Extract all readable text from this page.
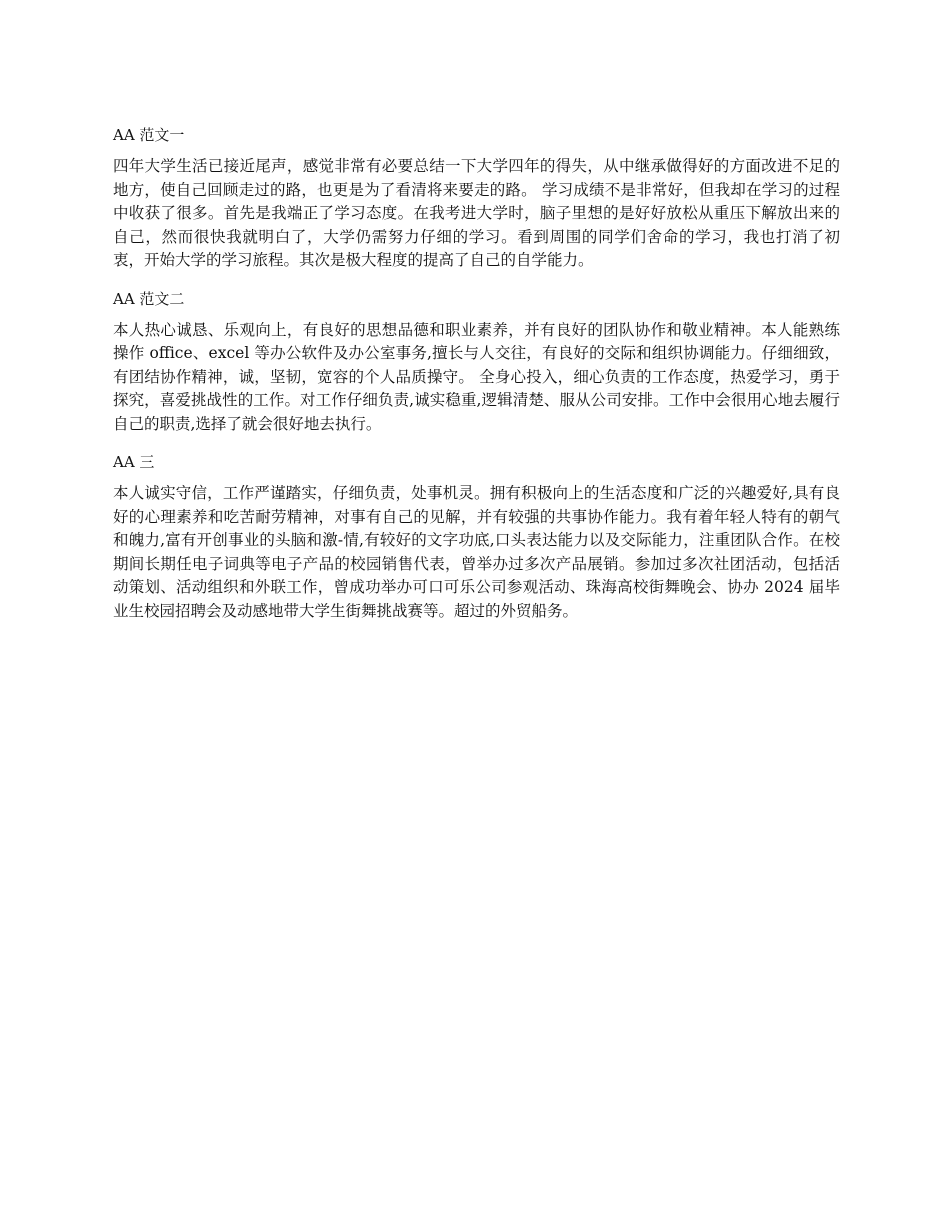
AA 范文一

四年大学生活已接近尾声，感觉非常有必要总结一下大学四年的得失，从中继承做得好的方面改进不足的地方，使自己回顾走过的路，也更是为了看清将来要走的路。 学习成绩不是非常好，但我却在学习的过程中收获了很多。首先是我端正了学习态度。在我考进大学时，脑子里想的是好好放松从重压下解放出来的自己，然而很快我就明白了，大学仍需努力仔细的学习。看到周围的同学们舍命的学习，我也打消了初衷，开始大学的学习旅程。其次是极大程度的提高了自己的自学能力。

AA 范文二

本人热心诚恳、乐观向上，有良好的思想品德和职业素养，并有良好的团队协作和敬业精神。本人能熟练操作 office、excel 等办公软件及办公室事务,擅长与人交往，有良好的交际和组织协调能力。仔细细致，有团结协作精神，诚，坚韧，宽容的个人品质操守。 全身心投入，细心负责的工作态度，热爱学习，勇于探究，喜爱挑战性的工作。对工作仔细负责,诚实稳重,逻辑清楚、服从公司安排。工作中会很用心地去履行自己的职责,选择了就会很好地去执行。

AA 三

本人诚实守信，工作严谨踏实，仔细负责，处事机灵。拥有积极向上的生活态度和广泛的兴趣爱好,具有良好的心理素养和吃苦耐劳精神，对事有自己的见解，并有较强的共事协作能力。我有着年轻人特有的朝气和魄力,富有开创事业的头脑和激-情,有较好的文字功底,口头表达能力以及交际能力，注重团队合作。在校期间长期任电子词典等电子产品的校园销售代表，曾举办过多次产品展销。参加过多次社团活动，包括活动策划、活动组织和外联工作，曾成功举办可口可乐公司参观活动、珠海高校街舞晚会、协办 2024 届毕业生校园招聘会及动感地带大学生街舞挑战赛等。超过的外贸船务。
